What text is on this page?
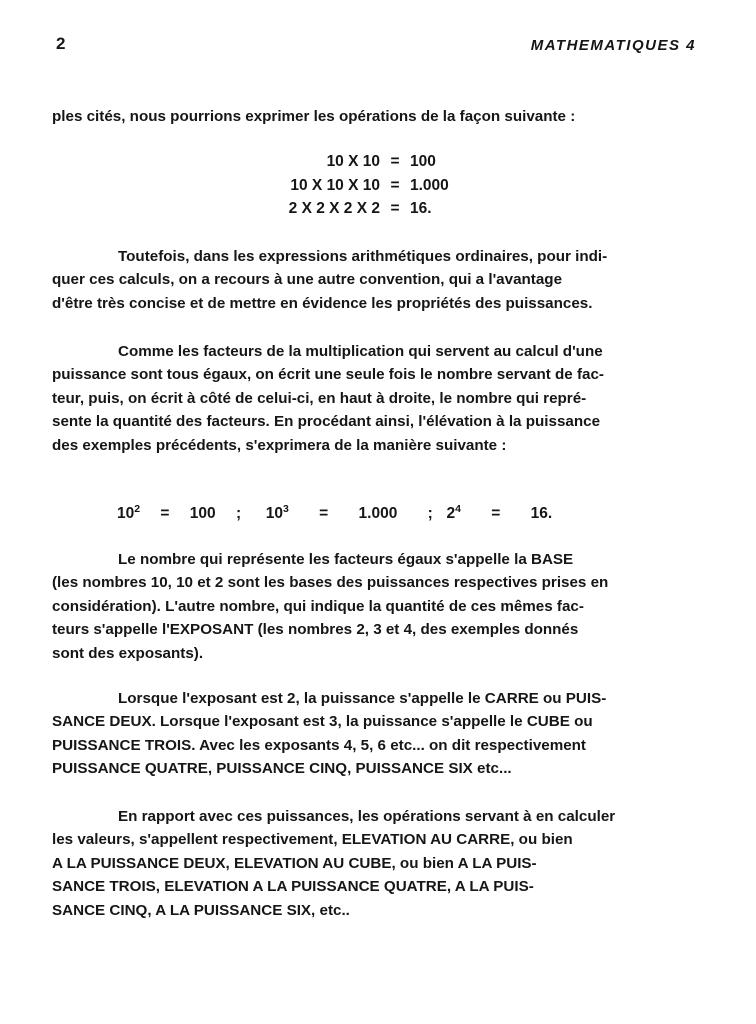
2	MATHEMATIQUES 4
ples cités, nous pourrions exprimer les opérations de la façon suivante :
10 X 10 = 100
10 X 10 X 10 = 1.000
2 X 2 X 2 X 2 = 16.
Toutefois, dans les expressions arithmétiques ordinaires, pour indi-
quer ces calculs, on a recours à une autre convention, qui a l'avantage
d'être très concise et de mettre en évidence les propriétés des puissances.
Comme les facteurs de la multiplication qui servent au calcul d'une
puissance sont tous égaux, on écrit une seule fois le nombre servant de fac-
teur, puis, on écrit à côté de celui-ci, en haut à droite, le nombre qui repré-
sente la quantité des facteurs. En procédant ainsi, l'élévation à la puissance
des exemples précédents, s'exprimera de la manière suivante :
$10^2 = 100$ ; $10^3 = 1.000$ ; $2^4 = 16$.
Le nombre qui représente les facteurs égaux s'appelle la BASE
(les nombres 10, 10 et 2 sont les bases des puissances respectives prises en
considération). L'autre nombre, qui indique la quantité de ces mêmes fac-
teurs s'appelle l'EXPOSANT (les nombres 2, 3 et 4, des exemples donnés
sont des exposants).
Lorsque l'exposant est 2, la puissance s'appelle le CARRE ou PUIS-
SANCE DEUX. Lorsque l'exposant est 3, la puissance s'appelle le CUBE ou
PUISSANCE TROIS. Avec les exposants 4, 5, 6 etc... on dit respectivement
PUISSANCE QUATRE, PUISSANCE CINQ, PUISSANCE SIX etc...
En rapport avec ces puissances, les opérations servant à en calculer
les valeurs, s'appellent respectivement, ELEVATION AU CARRE, ou bien
A LA PUISSANCE DEUX, ELEVATION AU CUBE, ou bien A LA PUIS-
SANCE TROIS, ELEVATION A LA PUISSANCE QUATRE, A LA PUIS-
SANCE CINQ, A LA PUISSANCE SIX, etc..
